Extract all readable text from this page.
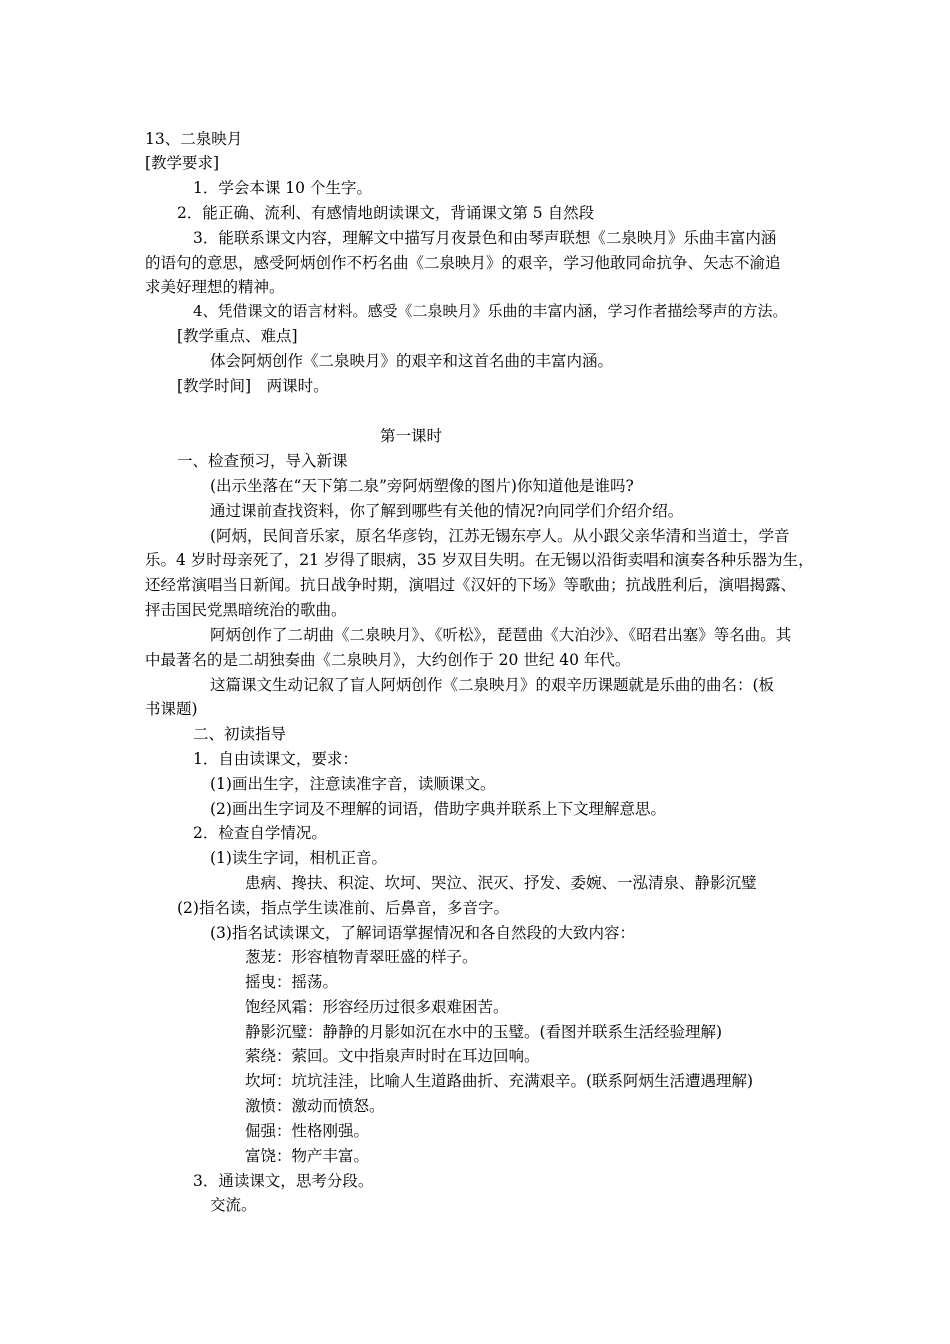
13、二泉映月
[教学要求]
1．学会本课 10 个生字。
2．能正确、流利、有感情地朗读课文，背诵课文第 5 自然段
3．能联系课文内容，理解文中描写月夜景色和由琴声联想《二泉映月》乐曲丰富内涵
的语句的意思，感受阿炳创作不朽名曲《二泉映月》的艰辛，学习他敢同命抗争、矢志不渝追
求美好理想的精神。
4、凭借课文的语言材料。感受《二泉映月》乐曲的丰富内涵，学习作者描绘琴声的方法。
[教学重点、难点]
体会阿炳创作《二泉映月》的艰辛和这首名曲的丰富内涵。
[教学时间]　两课时。
第一课时
一、检查预习，导入新课
(出示坐落在“天下第二泉”旁阿炳塑像的图片)你知道他是谁吗?
通过课前查找资料，你了解到哪些有关他的情况?向同学们介绍介绍。
(阿炳，民间音乐家，原名华彦钧，江苏无锡东亭人。从小跟父亲华清和当道士，学音
乐。4 岁时母亲死了，21 岁得了眼病，35 岁双目失明。在无锡以沿街卖唱和演奏各种乐器为生，
还经常演唱当日新闻。抗日战争时期，演唱过《汉奸的下场》等歌曲；抗战胜利后，演唱揭露、
抨击国民党黑暗统治的歌曲。
阿炳创作了二胡曲《二泉映月》、《听松》，琵琶曲《大泊沙》、《昭君出塞》等名曲。其
中最著名的是二胡独奏曲《二泉映月》，大约创作于 20 世纪 40 年代。
这篇课文生动记叙了盲人阿炳创作《二泉映月》的艰辛历课题就是乐曲的曲名：(板
书课题)
二、初读指导
1．自由读课文，要求：
(1)画出生字，注意读准字音，读顺课文。
(2)画出生字词及不理解的词语，借助字典并联系上下文理解意思。
2．检查自学情况。
(1)读生字词，相机正音。
患病、搀扶、积淀、坎坷、哭泣、泯灭、抒发、委婉、一泓清泉、静影沉璧
(2)指名读，指点学生读准前、后鼻音，多音字。
(3)指名试读课文，了解词语掌握情况和各自然段的大致内容：
葱茏：形容植物青翠旺盛的样子。
摇曳：摇荡。
饱经风霜：形容经历过很多艰难困苦。
静影沉璧：静静的月影如沉在水中的玉璧。(看图并联系生活经验理解)
萦绕：萦回。文中指泉声时时在耳边回响。
坎坷：坑坑洼洼，比喻人生道路曲折、充满艰辛。(联系阿炳生活遭遇理解)
激愤：激动而愤怒。
倔强：性格刚强。
富饶：物产丰富。
3．通读课文，思考分段。
交流。
